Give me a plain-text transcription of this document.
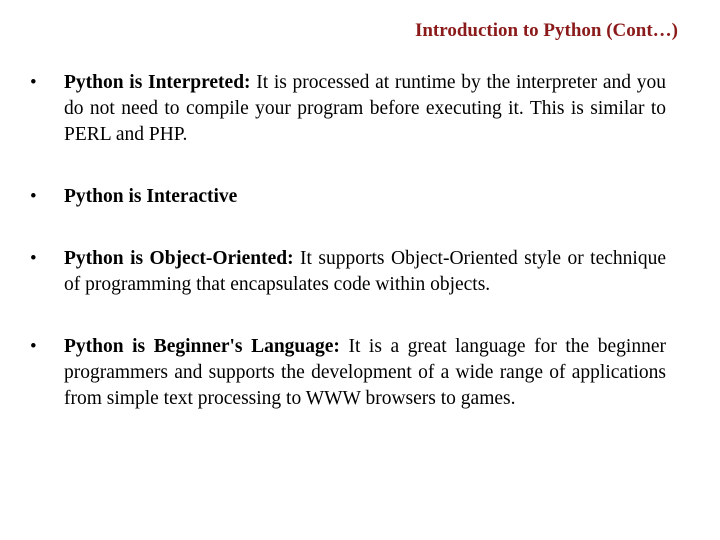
Introduction to Python (Cont…)
• Python is Interpreted: It is processed at runtime by the interpreter and you do not need to compile your program before executing it. This is similar to PERL and PHP.
• Python is Interactive
• Python is Object-Oriented: It supports Object-Oriented style or technique of programming that encapsulates code within objects.
• Python is Beginner's Language: It is a great language for the beginner programmers and supports the development of a wide range of applications from simple text processing to WWW browsers to games.
